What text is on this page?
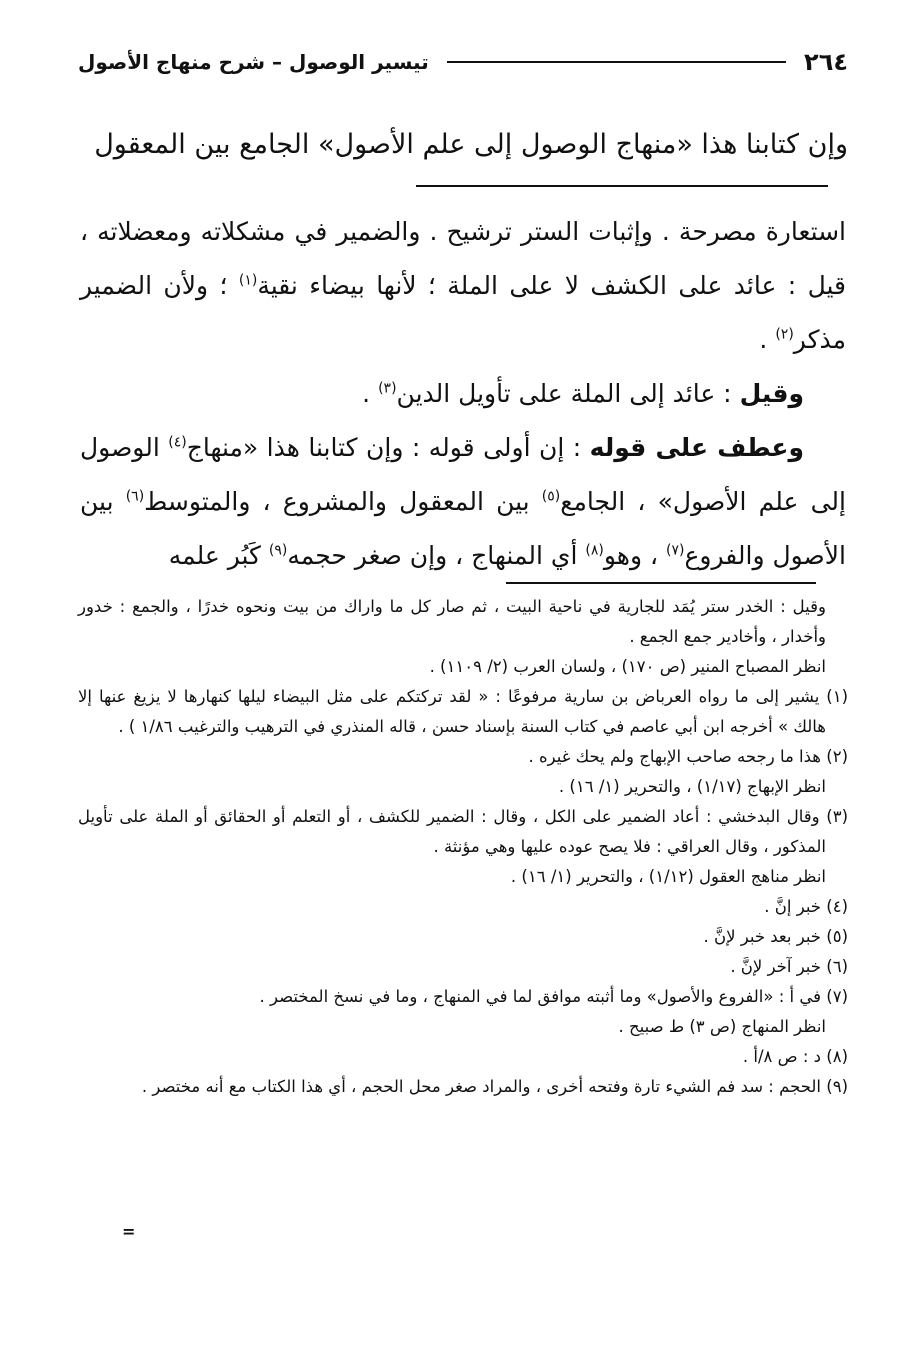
٢٦٤
تيسير الوصول – شرح منهاج الأصول
وإن كتابنا هذا «منهاج الوصول إلى علم الأصول» الجامع بين المعقول

استعارة مصرحة . وإثبات الستر ترشيح . والضمير في مشكلاته ومعضلاته ، قيل : عائد على الكشف لا على الملة ؛ لأنها بيضاء نقية$^{(١)}$ ؛ ولأن الضمير مذكر$^{(٢)}$ .

وقيل : عائد إلى الملة على تأويل الدين$^{(٣)}$ .

وعطف على قوله : إن أولى قوله : وإن كتابنا هذا «منهاج$^{(٤)}$ الوصول إلى علم الأصول» ، الجامع$^{(٥)}$ بين المعقول والمشروع ، والمتوسط$^{(٦)}$ بين الأصول والفروع$^{(٧)}$ ، وهو$^{(٨)}$ أي المنهاج ، وإن صغر حجمه$^{(٩)}$ كَبُر علمه

وقيل : الخدر ستر يُمَد للجارية في ناحية البيت ، ثم صار كل ما واراك من بيت ونحوه خدرًا ، والجمع : خدور وأخدار ، وأخادير جمع الجمع .

انظر المصباح المنير (ص ١٧٠) ، ولسان العرب (٢/ ١١٠٩) .

(١) يشير إلى ما رواه العرباض بن سارية مرفوعًا : « لقد تركتكم على مثل البيضاء ليلها كنهارها لا يزيغ عنها إلا هالك » أخرجه ابن أبي عاصم في كتاب السنة بإسناد حسن ، قاله المنذري في الترهيب والترغيب ١/٨٦ ) .

(٢) هذا ما رجحه صاحب الإبهاج ولم يحك غيره .

انظر الإبهاج (١/١٧) ، والتحرير (١/ ١٦) .

(٣) وقال البدخشي : أعاد الضمير على الكل ، وقال : الضمير للكشف ، أو التعلم أو الحقائق أو الملة على تأويل المذكور ، وقال العراقي : فلا يصح عوده عليها وهي مؤنثة .

انظر مناهج العقول (١/١٢) ، والتحرير (١/ ١٦) .

(٤) خبر إنَّ .

(٥) خبر بعد خبر لإنَّ .

(٦) خبر آخر لإنَّ .

(٧) في أ : «الفروع والأصول» وما أثبته موافق لما في المنهاج ، وما في نسخ المختصر .

انظر المنهاج (ص ٣) ط صبيح .

(٨) د : ص ٨/أ .

(٩) الحجم : سد فم الشيء تارة وفتحه أخرى ، والمراد صغر محل الحجم ، أي هذا الكتاب مع أنه مختصر .

=
